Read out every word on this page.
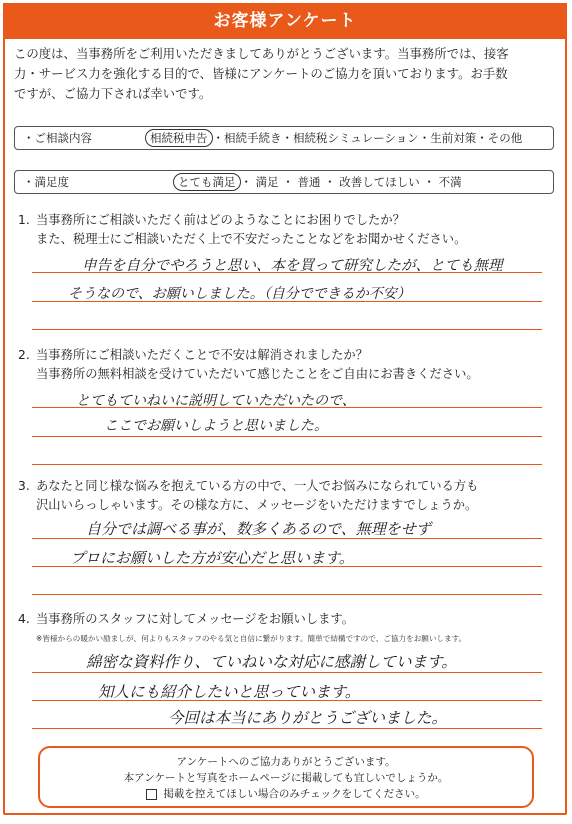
お客様アンケート
この度は、当事務所をご利用いただきましてありがとうございます。当事務所では、接客
力・サービス力を強化する目的で、皆様にアンケートのご協力を頂いております。お手数
ですが、ご協力下されば幸いです。
・ご相談内容	相続税申告 ・相続手続き・相続税シミュレーション・生前対策・その他
・満足度	とても満足 ・ 満足 ・ 普通 ・ 改善してほしい ・ 不満
1. 当事務所にご相談いただく前はどのようなことにお困りでしたか？
また、税理士にご相談いただく上で不安だったことなどをお聞かせください。
申告を自分でやろうと思い、本を買って研究したが、とても無理
そうなので、お願いしました。（自分でできるか不安）
2. 当事務所にご相談いただくことで不安は解消されましたか？
当事務所の無料相談を受けていただいて感じたことをご自由にお書きください。
とてもていねいに説明していただいたので、
ここでお願いしようと思いました。
3. あなたと同じ様な悩みを抱えている方の中で、一人でお悩みになられている方も
沢山いらっしゃいます。その様な方に、メッセージをいただけますでしょうか。
自分では調べる事が、数多くあるので、無理をせず
プロにお願いした方が安心だと思います。
4. 当事務所のスタッフに対してメッセージをお願いします。
※皆様からの暖かい励ましが、何よりもスタッフのやる気と自信に繋がります。簡単で結構ですので、ご協力をお願いします。
綿密な資料作り、ていねいな対応に感謝しています。
知人にも紹介したいと思っています。
今回は本当にありがとうございました。
アンケートへのご協力ありがとうございます。
本アンケートと写真をホームページに掲載しても宜しいでしょうか。
掲載を控えてほしい場合のみチェックをしてください。
